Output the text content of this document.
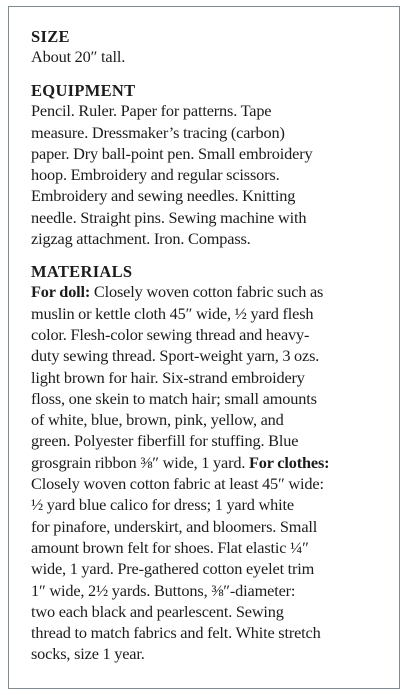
SIZE

About 20″ tall.

EQUIPMENT

Pencil. Ruler. Paper for patterns. Tape
measure. Dressmaker’s tracing (carbon)
paper. Dry ball-point pen. Small embroidery
hoop. Embroidery and regular scissors.
Embroidery and sewing needles. Knitting
needle. Straight pins. Sewing machine with
zigzag attachment. Iron. Compass.

MATERIALS

For doll: Closely woven cotton fabric such as
muslin or kettle cloth 45″ wide, ½ yard flesh
color. Flesh-color sewing thread and heavy-
duty sewing thread. Sport-weight yarn, 3 ozs.
light brown for hair. Six-strand embroidery
floss, one skein to match hair; small amounts
of white, blue, brown, pink, yellow, and
green. Polyester fiberfill for stuffing. Blue
grosgrain ribbon ⅜″ wide, 1 yard. For clothes:
Closely woven cotton fabric at least 45″ wide:
½ yard blue calico for dress; 1 yard white
for pinafore, underskirt, and bloomers. Small
amount brown felt for shoes. Flat elastic ¼″
wide, 1 yard. Pre-gathered cotton eyelet trim
1″ wide, 2½ yards. Buttons, ⅜″-diameter:
two each black and pearlescent. Sewing
thread to match fabrics and felt. White stretch
socks, size 1 year.
